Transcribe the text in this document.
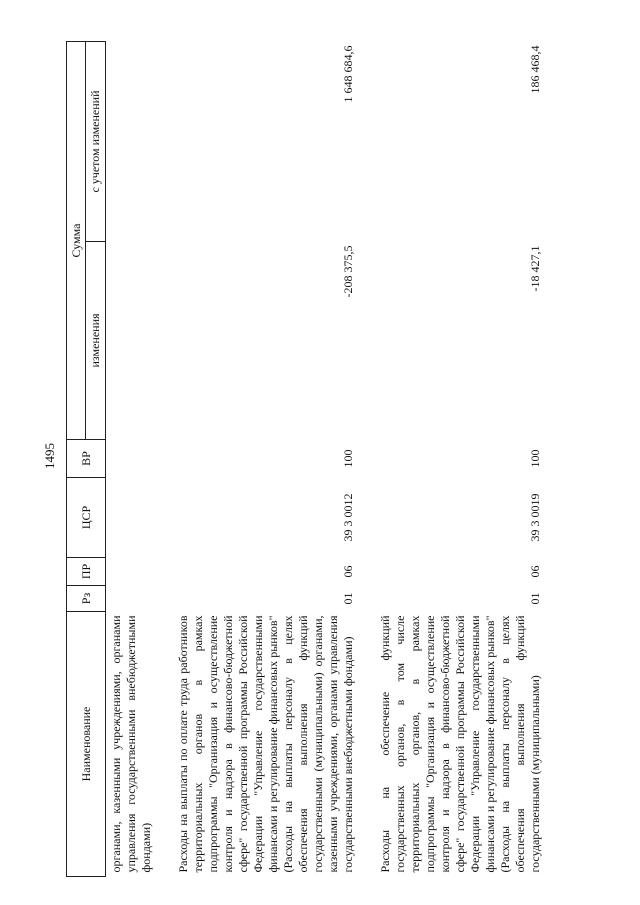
1495
Наименование	Рз	ПР	ЦСР	ВР	Сумма	
					изменения	с учетом изменений
органами, казенными учреждениями, органами управления государственными внебюджетными фондами)						

Расходы на выплаты по оплате труда работников территориальных органов в рамках подпрограммы "Организация и осуществление контроля и надзора в финансово-бюджетной сфере" государственной программы Российской Федерации "Управление государственными финансами и регулирование финансовых рынков" (Расходы на выплаты персоналу в целях обеспечения выполнения функций государственными (муниципальными) органами, казенными учреждениями, органами управления государственными внебюджетными фондами)	01	06	39 3 0012	100	-208 375,5	1 648 684,6

Расходы на обеспечение функций государственных органов, в том числе территориальных органов, в рамках подпрограммы "Организация и осуществление контроля и надзора в финансово-бюджетной сфере" государственной программы Российской Федерации "Управление государственными финансами и регулирование финансовых рынков" (Расходы на выплаты персоналу в целях обеспечения выполнения функций государственными (муниципальными)	01	06	39 3 0019	100	-18 427,1	186 468,4
